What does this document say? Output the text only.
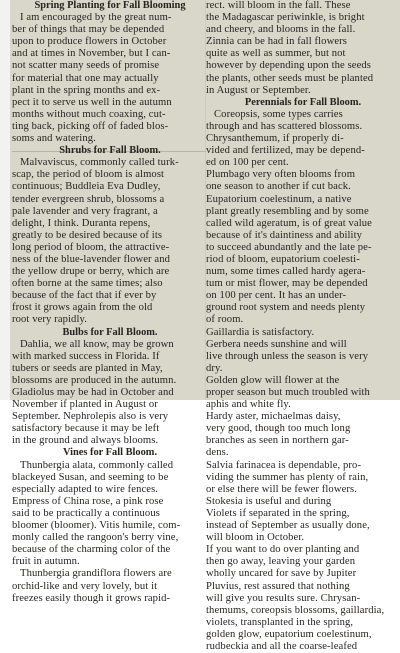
Spring Planting for Fall Blooming
I am encouraged by the great num-
ber of things that may be depended
upon to produce flowers in October
and at times in November, but I can-
not scatter many seeds of promise
for material that one may actually
plant in the spring months and ex-
pect it to serve us well in the autumn
months without much coaxing, cut-
ting back, picking off of faded blos-
soms and watering.
Shrubs for Fall Bloom.
Malvaviscus, commonly called turk-
scap, the period of bloom is almost
continuous; Buddleia Eva Dudley,
tender evergreen shrub, blossoms a
pale lavender and very fragrant, a
delight, I think. Duranta repens,
greatly to be desired because of its
long period of bloom, the attractive-
ness of the blue-lavender flower and
the yellow drupe or berry, which are
often borne at the same times; also
because of the fact that if ever by
frost it grows again from the old
root very rapidly.
Bulbs for Fall Bloom.
Dahlia, we all know, may be grown
with marked success in Florida. If
tubers or seeds are planted in May,
blossoms are produced in the autumn.
Gladiolus may be had in October and
November if planted in August or
September. Nephrolepis also is very
satisfactory because it may be left
in the ground and always blooms.
Vines for Fall Bloom.
Thunbergia alata, commonly called
blackeyed Susan, and seeming to be
especially adapted to wire fences.
Empress of China rose, a pink rose
said to be practically a continuous
bloomer (bloomer). Vitis humile, com-
monly called the rangoon's berry vine,
because of the charming color of the
fruit in autumn.
Thunbergia grandiflora flowers are
orchid-like and very lovely, but it
freezes easily though it grows rapid-
rect. will bloom in the fall. These
the Madagascar periwinkle, is bright
and cheery, and blooms in the fall.
Zinnia can be had in fall flowers
quite as well as summer, but not
however by depending upon the seeds
the plants, other seeds must be planted
in August or September.
Perennials for Fall Bloom.
Coreopsis, some types carries
through and has scattered blossoms.
Chrysanthemum, if properly di-
vided and fertilized, may be depend-
ed on 100 per cent.
Plumbago very often blooms from
one season to another if cut back.
Eupatorium coelestinum, a native
plant greatly resembling and by some
called wild ageratum, is of great value
because of it's daintiness and ability
to succeed abundantly and the late pe-
riod of bloom, eupatorium coelesti-
num, some times called hardy agera-
tum or mist flower, may be depended
on 100 per cent. It has an under-
ground root system and needs plenty
of room.
Gaillardia is satisfactory.
Gerbera needs sunshine and will
live through unless the season is very
dry.
Golden glow will flower at the
proper season but much troubled with
aphis and white fly.
Hardy aster, michaelmas daisy,
very good, though too much long
branches as seen in northern gar-
dens.
Salvia farinacea is dependable, pro-
viding the summer has plenty of rain,
or else there will be fewer flowers.
Stokesia is useful and during
Violets if separated in the spring,
instead of September as usually done,
will bloom in October.
If you want to do over planting and
then go away, leaving your garden
wholly uncared for save by Jupiter
Pluvius, rest assured that nothing
will give you results sure. Chrysan-
themums, coreopsis blossoms, gaillardia,
violets, transplanted in the spring,
golden glow, eupatorium coelestinum,
rudbeckia and all the coarse-leafed
